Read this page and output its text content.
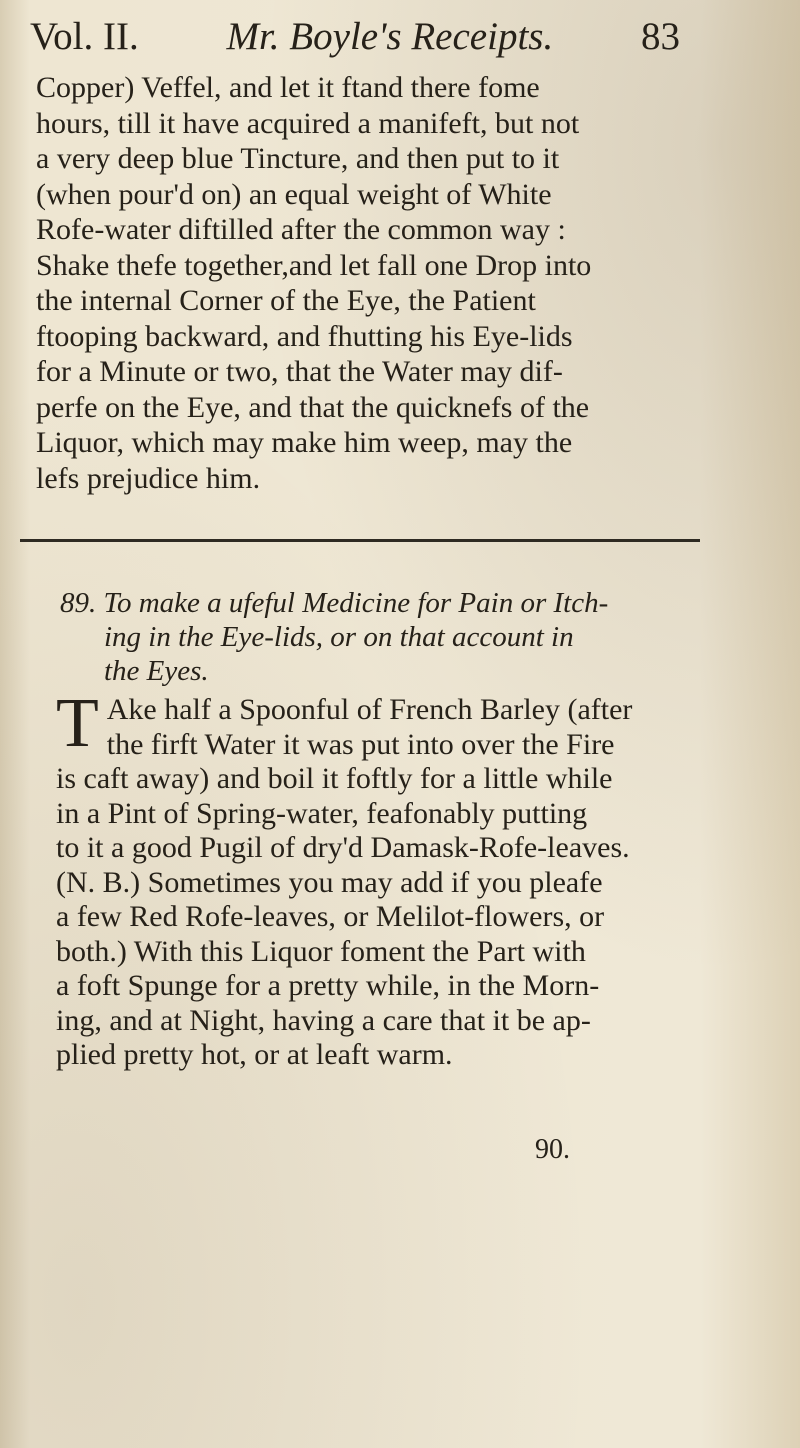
Vol. II. Mr. Boyle's Receipts. 83
Copper) Veffel, and let it ftand there fome
hours, till it have acquired a manifeft, but not
a very deep blue Tincture, and then put to it
(when pour'd on) an equal weight of White
Rofe-water diftilled after the common way :
Shake thefe together,and let fall one Drop into
the internal Corner of the Eye, the Patient
ftooping backward, and fhutting his Eye-lids
for a Minute or two, that the Water may dif-
perfe on the Eye, and that the quicknefs of the
Liquor, which may make him weep, may the
lefs prejudice him.
89. To make a ufeful Medicine for Pain or Itch-
ing in the Eye-lids, or on that account in
the Eyes.
T Ake half a Spoonful of French Barley (after
the firft Water it was put into over the Fire
is caft away) and boil it foftly for a little while
in a Pint of Spring-water, feafonably putting
to it a good Pugil of dry'd Damask-Rofe-leaves.
(N. B.) Sometimes you may add if you pleafe
a few Red Rofe-leaves, or Melilot-flowers, or
both.) With this Liquor foment the Part with
a foft Spunge for a pretty while, in the Morn-
ing, and at Night, having a care that it be ap-
plied pretty hot, or at leaft warm.
90.
